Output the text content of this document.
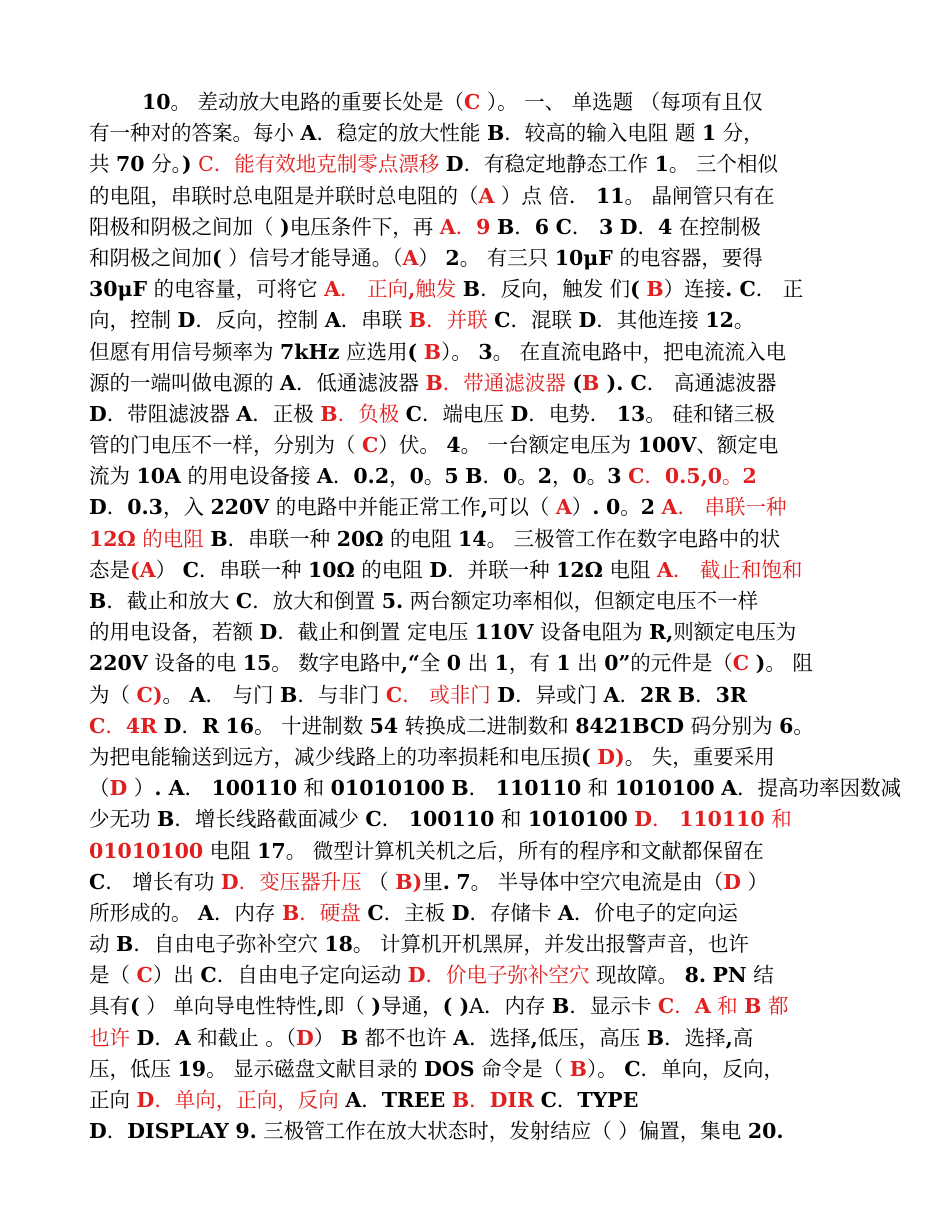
10。 差动放大电路的重要长处是（C ）。 一、 单选题 （每项有且仅
有一种对的答案。每小 A．稳定的放大性能 B．较高的输入电阻 题 1 分，
共 70 分。) C．能有效地克制零点漂移 D．有稳定地静态工作 1。 三个相似
的电阻，串联时总电阻是并联时总电阻的（A ）点 倍． 11。 晶闸管只有在
阳极和阴极之间加（ )电压条件下，再 A．9 B．6 C． 3 D．4 在控制极
和阴极之间加( ）信号才能导通。（A） 2。 有三只 10μF 的电容器，要得
30μF 的电容量，可将它 A． 正向,触发 B．反向，触发 们( B）连接. C． 正
向，控制 D．反向，控制 A．串联 B．并联 C．混联 D．其他连接 12。
但愿有用信号频率为 7kHz 应选用( B）。 3。 在直流电路中，把电流流入电
源的一端叫做电源的 A．低通滤波器 B．带通滤波器 (B ). C． 高通滤波器
D．带阻滤波器 A．正极 B．负极 C．端电压 D．电势． 13。 硅和锗三极
管的门电压不一样，分别为（ C）伏。 4。 一台额定电压为 100V、额定电
流为 10A 的用电设备接 A．0.2，0。5 B．0。2，0。3 C．0.5,0。2
D．0.3，入 220V 的电路中并能正常工作,可以（ A）. 0。2 A． 串联一种
12Ω 的电阻 B．串联一种 20Ω 的电阻 14。 三极管工作在数字电路中的状
态是(A） C．串联一种 10Ω 的电阻 D．并联一种 12Ω 电阻 A． 截止和饱和
B．截止和放大 C．放大和倒置 5. 两台额定功率相似，但额定电压不一样
的用电设备，若额 D．截止和倒置 定电压 110V 设备电阻为 R,则额定电压为
220V 设备的电 15。 数字电路中,“全 0 出 1，有 1 出 0”的元件是（C )。 阻
为（ C)。 A． 与门 B．与非门 C． 或非门 D．异或门 A．2R B．3R
C．4R D．R 16。 十进制数 54 转换成二进制数和 8421BCD 码分别为 6。
为把电能输送到远方，减少线路上的功率损耗和电压损( D)。 失，重要采用
（D ）. A． 100110 和 01010100 B． 110110 和 1010100 A．提高功率因数减
少无功 B．增长线路截面减少 C． 100110 和 1010100 D． 110110 和
01010100 电阻 17。 微型计算机关机之后，所有的程序和文献都保留在
C． 增长有功 D．变压器升压 （ B)里. 7。 半导体中空穴电流是由（D ）
所形成的。 A．内存 B．硬盘 C．主板 D．存储卡 A．价电子的定向运
动 B．自由电子弥补空穴 18。 计算机开机黑屏，并发出报警声音，也许
是（ C）出 C．自由电子定向运动 D．价电子弥补空穴 现故障。 8. PN 结
具有( ） 单向导电性特性,即（ )导通，( )A．内存 B．显示卡 C．A 和 B 都
也许 D．A 和截止 。（D） B 都不也许 A．选择,低压，高压 B．选择,高
压，低压 19。 显示磁盘文献目录的 DOS 命令是（ B）。 C．单向，反向，
正向 D．单向，正向，反向 A．TREE B．DIR C．TYPE
D．DISPLAY 9. 三极管工作在放大状态时，发射结应（ ）偏置，集电 20.
